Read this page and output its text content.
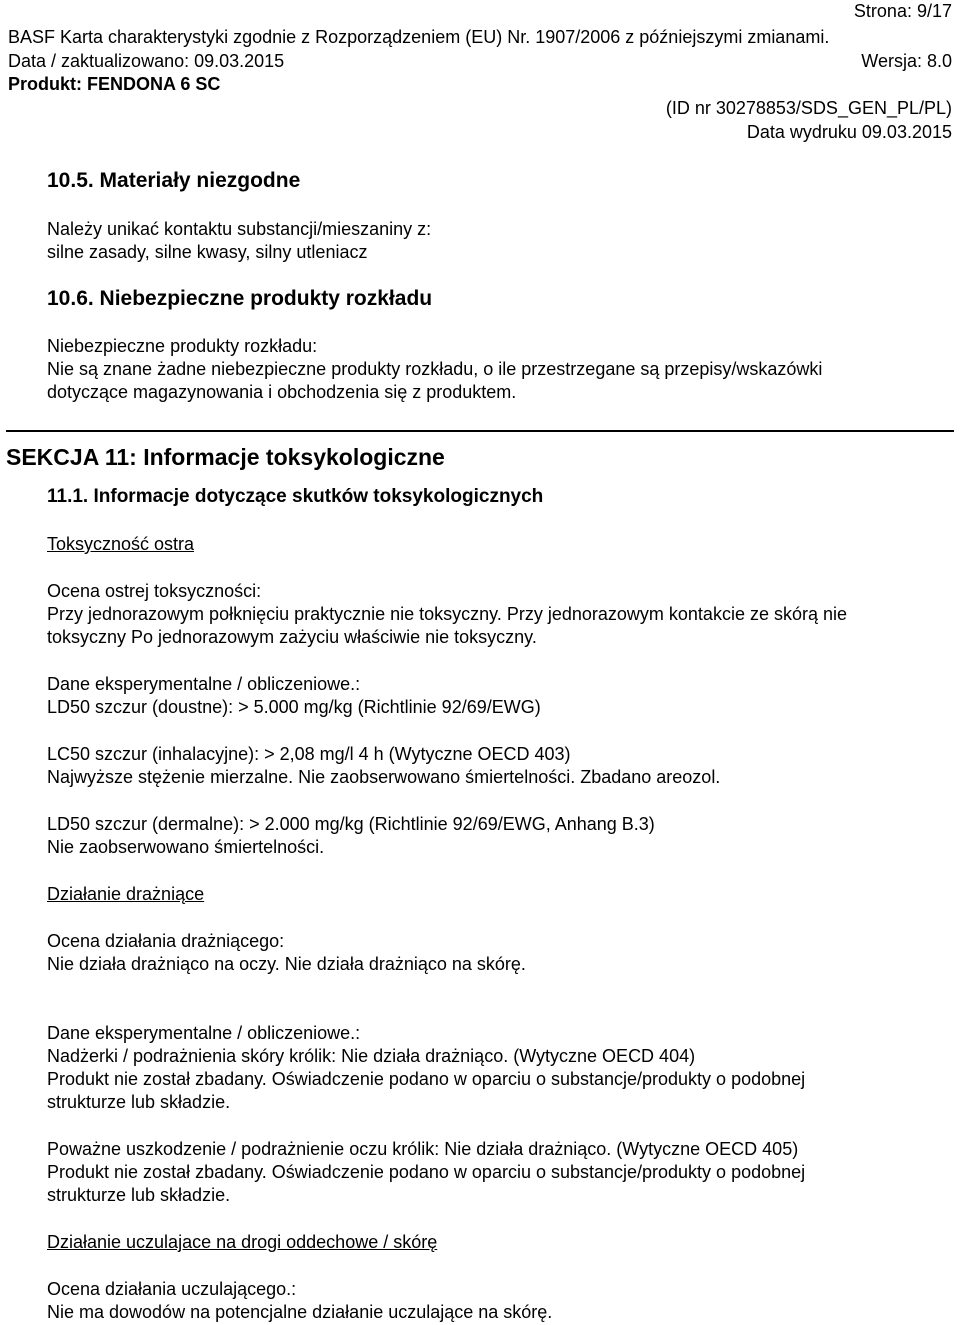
Strona: 9/17
BASF Karta charakterystyki zgodnie z Rozporządzeniem (EU) Nr. 1907/2006 z późniejszymi zmianami.
Data / zaktualizowano: 09.03.2015	Wersja: 8.0
Produkt: FENDONA 6 SC
(ID nr 30278853/SDS_GEN_PL/PL)
Data wydruku 09.03.2015
10.5. Materiały niezgodne
Należy unikać kontaktu substancji/mieszaniny z:
silne zasady, silne kwasy, silny utleniacz
10.6. Niebezpieczne produkty rozkładu
Niebezpieczne produkty rozkładu:
Nie są znane żadne niebezpieczne produkty rozkładu, o ile przestrzegane są przepisy/wskazówki
dotyczące magazynowania i obchodzenia się z produktem.
SEKCJA 11: Informacje toksykologiczne
11.1. Informacje dotyczące skutków toksykologicznych
Toksyczność ostra
Ocena ostrej toksyczności:
Przy jednorazowym połknięciu praktycznie nie toksyczny. Przy jednorazowym kontakcie ze skórą nie
toksyczny Po jednorazowym zażyciu właściwie nie toksyczny.
Dane eksperymentalne / obliczeniowe.:
LD50 szczur (doustne): > 5.000 mg/kg (Richtlinie 92/69/EWG)
LC50 szczur (inhalacyjne): > 2,08 mg/l 4 h (Wytyczne OECD 403)
Najwyższe stężenie mierzalne. Nie zaobserwowano śmiertelności. Zbadano areozol.
LD50 szczur (dermalne): > 2.000 mg/kg (Richtlinie 92/69/EWG, Anhang B.3)
Nie zaobserwowano śmiertelności.
Działanie drażniące
Ocena działania drażniącego:
Nie działa drażniąco na oczy. Nie działa drażniąco na skórę.
Dane eksperymentalne / obliczeniowe.:
Nadżerki / podrażnienia skóry królik: Nie działa drażniąco. (Wytyczne OECD 404)
Produkt nie został zbadany. Oświadczenie podano w oparciu o substancje/produkty o podobnej
strukturze lub składzie.
Poważne uszkodzenie / podrażnienie oczu królik: Nie działa drażniąco. (Wytyczne OECD 405)
Produkt nie został zbadany. Oświadczenie podano w oparciu o substancje/produkty o podobnej
strukturze lub składzie.
Działanie uczulajace na drogi oddechowe / skórę
Ocena działania uczulającego.:
Nie ma dowodów na potencjalne działanie uczulające na skórę.
